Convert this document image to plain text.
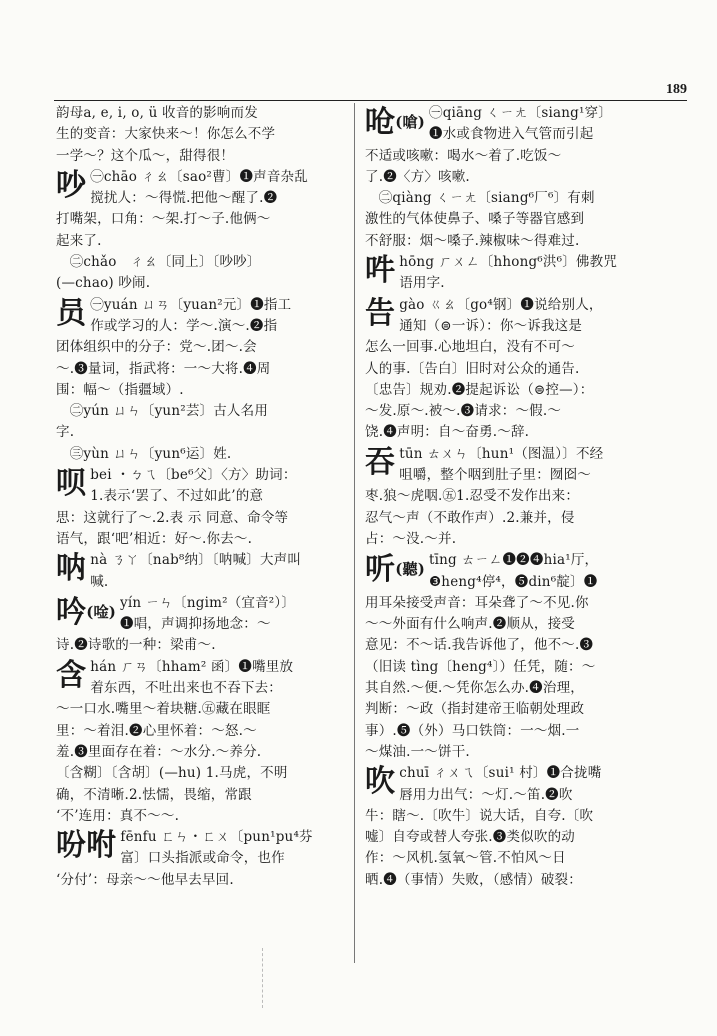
189
韵母a, e, i, o, ü 收音的影响而发
生的变音：大家快来～！你怎么不学
一学～？这个瓜～，甜得很！
吵 ㊀chāo ㄔㄠ〔sao²曹〕❶声音杂乱
搅扰人：～得慌.把他～醒了.❷
打嘴架，口角：～架.打～子.他俩～
起来了.
　㊁chǎo　ㄔㄠ〔同上〕〔吵吵〕
(—chao) 吵闹.
员 ㊀yuán ㄩㄢ〔yuan²元〕❶指工
作或学习的人：学～.演～.❷指
团体组织中的分子：党～.团～.会
～.❸量词，指武将：一～大将.❹周
围：幅～（指疆域）.
　㊁yún ㄩㄣ〔yun²芸〕古人名用
字.
　㊂yùn ㄩㄣ〔yun⁶运〕姓.
呗 bei ・ㄅㄟ〔be⁶父〕〈方〉助词：
1.表示‘罢了、不过如此’的意
思：这就行了～.2.表 示 同意、命令等
语气，跟‘吧’相近：好～.你去～.
呐 nà ㄋㄚ〔nab⁸纳〕〔呐喊〕大声叫
喊.
吟(唫) yín ㄧㄣ〔ngim²（宜音²）〕
❶唱，声调抑扬地念：～
诗.❷诗歌的一种：梁甫～.
含 hán ㄏㄢ〔hham² 函〕❶嘴里放
着东西，不吐出来也不吞下去：
～一口水.嘴里～着块糖.㊄藏在眼眶
里：～着泪.❷心里怀着：～怒.～
羞.❸里面存在着：～水分.～养分.
〔含糊〕〔含胡〕(—hu) 1.马虎，不明
确，不清晰.2.怯懦，畏缩，常跟
‘不’连用：真不～～.
吩咐 fēnfu ㄈㄣ・ㄈㄨ〔pun¹pu⁴芬
富〕口头指派或命令，也作
‘分付’：母亲～～他早去早回.
呛(嗆) ㊀qiāng ㄑㄧㄤ〔siang¹穿〕
❶水或食物进入气管而引起
不适或咳嗽：喝水～着了.吃饭～
了.❷〈方〉咳嗽.
　㊁qiàng ㄑㄧㄤ〔siang⁶厂⁶〕有刺
激性的气体使鼻子、嗓子等器官感到
不舒服：烟～嗓子.辣椒味～得难过.
吽 hōng ㄏㄨㄥ〔hhong⁶洪⁶〕佛教咒
语用字.
告 gào ㄍㄠ〔go⁴钢〕❶说给别人，
通知（⊜一诉）：你～诉我这是
怎么一回事.心地坦白，没有不可～
人的事.〔告白〕旧时对公众的通告.
〔忠告〕规劝.❷提起诉讼（⊜控—）：
～发.原～.被～.❸请求：～假.～
饶.❹声明：自～奋勇.～辞.
吞 tūn ㄊㄨㄣ〔hun¹（图温）〕不经
咀嚼，整个咽到肚子里：囫囵～
枣.狼～虎咽.㊄1.忍受不发作出来：
忍气～声（不敢作声）.2.兼并，侵
占：～没.～并.
听(聽) tīng ㄊㄧㄥ❶❷❹hia¹厅，
❸heng⁴停⁴，❺din⁶靛〕❶
用耳朵接受声音：耳朵聋了～不见.你
～～外面有什么响声.❷顺从，接受
意见：不～话.我告诉他了，他不～.❸
（旧读 tìng〔heng⁴〕）任凭，随：～
其自然.～便.～凭你怎么办.❹治理，
判断：～政（指封建帝王临朝处理政
事）.❺（外）马口铁筒：一～烟.一
～煤油.一～饼干.
吹 chuī ㄔㄨㄟ〔sui¹ 村〕❶合拢嘴
唇用力出气：～灯.～笛.❷吹
牛：瞎～.〔吹牛〕说大话，自夸.〔吹
嘘〕自夸或替人夸张.❸类似吹的动
作：～风机.氢氧～管.不怕风～日
晒.❹（事情）失败，（感情）破裂：
